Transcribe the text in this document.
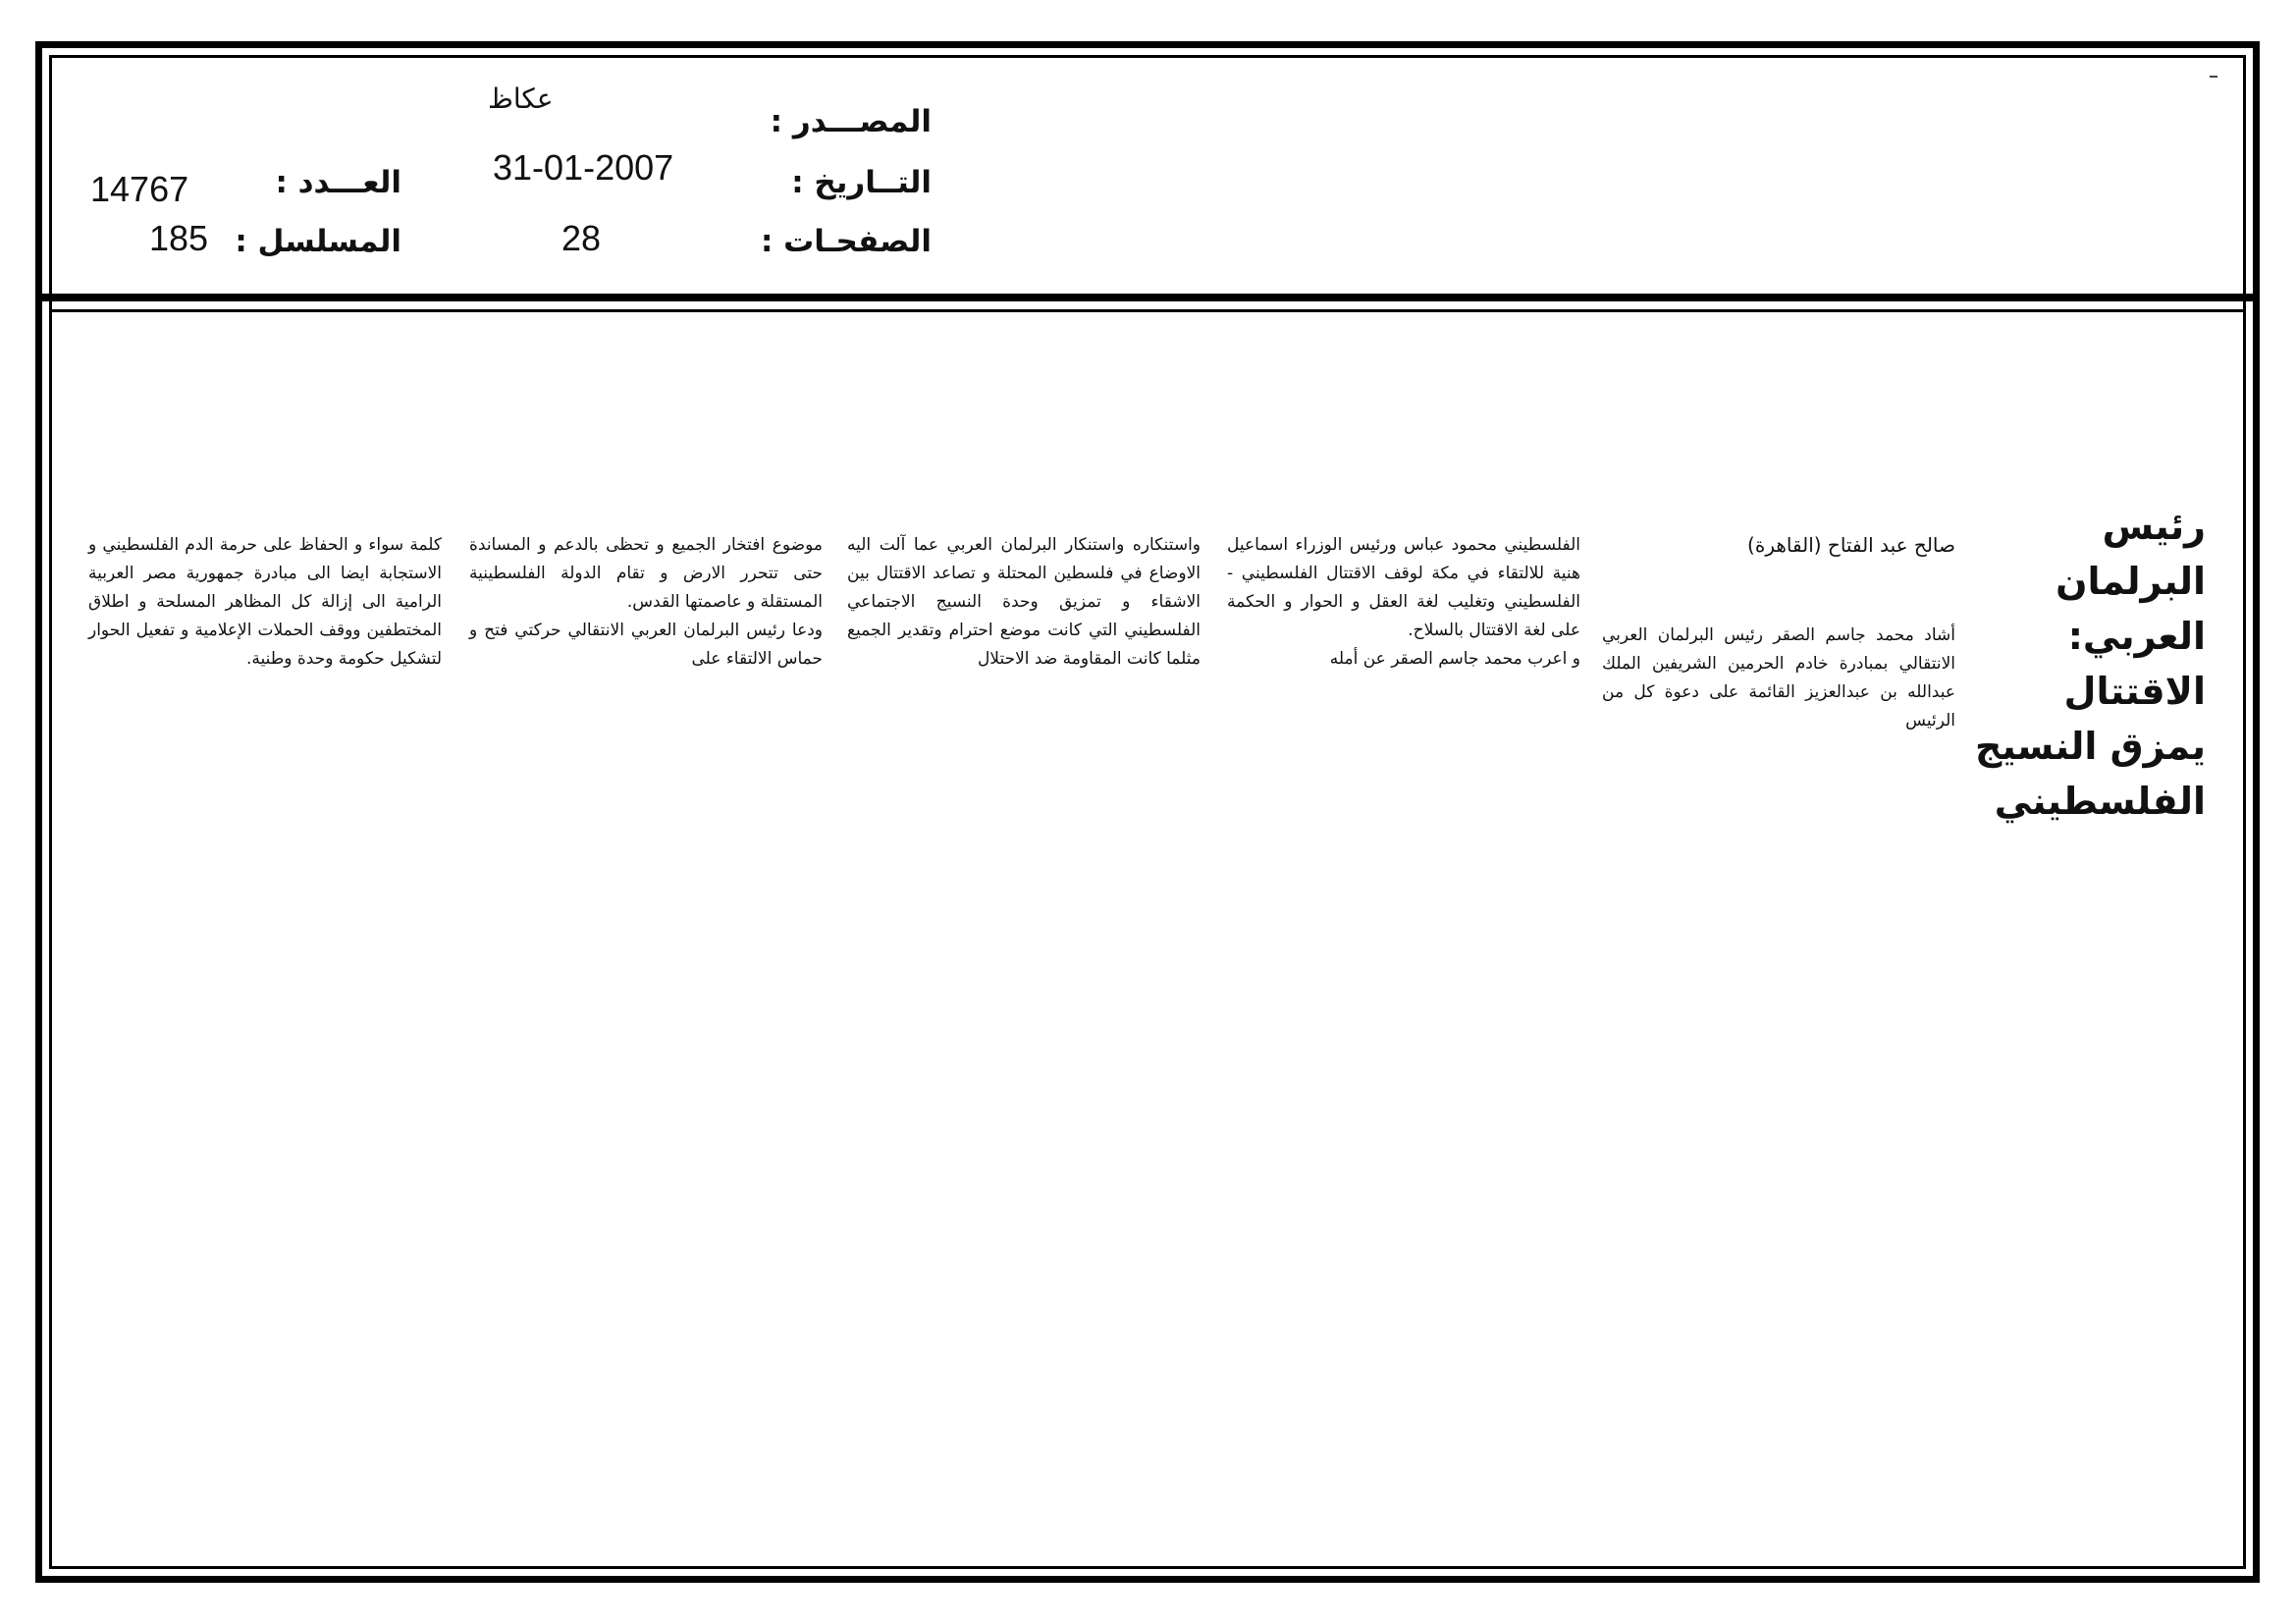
المصـــدر :
التــاريخ :
الصفحـات :
عكاظ
31-01-2007
28
العـــدد :
المسلسل :
14767
185
رئيس البرلمان العربي: الاقتتال يمزق النسيج الفلسطيني

صالح عبد الفتاح (القاهرة)

أشاد محمد جاسم الصقر رئيس البرلمان العربي الانتقالي بمبادرة خادم الحرمين الشريفين الملك عبدالله بن عبدالعزيز القائمة على دعوة كل من الرئيس

الفلسطيني محمود عباس ورئيس الوزراء اسماعيل هنية للالتقاء في مكة لوقف الاقتتال الفلسطيني - الفلسطيني وتغليب لغة العقل و الحوار و الحكمة على لغة الاقتتال بالسلاح.
و اعرب محمد جاسم الصقر عن أمله

واستنكاره واستنكار البرلمان العربي عما آلت اليه الاوضاع في فلسطين المحتلة و تصاعد الاقتتال بين الاشقاء و تمزيق وحدة النسيج الاجتماعي الفلسطيني التي كانت موضع احترام وتقدير الجميع مثلما كانت المقاومة ضد الاحتلال

موضوع افتخار الجميع و تحظى بالدعم و المساندة حتى تتحرر الارض و تقام الدولة الفلسطينية المستقلة و عاصمتها القدس.
ودعا رئيس البرلمان العربي الانتقالي حركتي فتح و حماس الالتقاء على

كلمة سواء و الحفاظ على حرمة الدم الفلسطيني و الاستجابة ايضا الى مبادرة جمهورية مصر العربية الرامية الى إزالة كل المظاهر المسلحة و اطلاق المختطفين ووقف الحملات الإعلامية و تفعيل الحوار لتشكيل حكومة وحدة وطنية.
